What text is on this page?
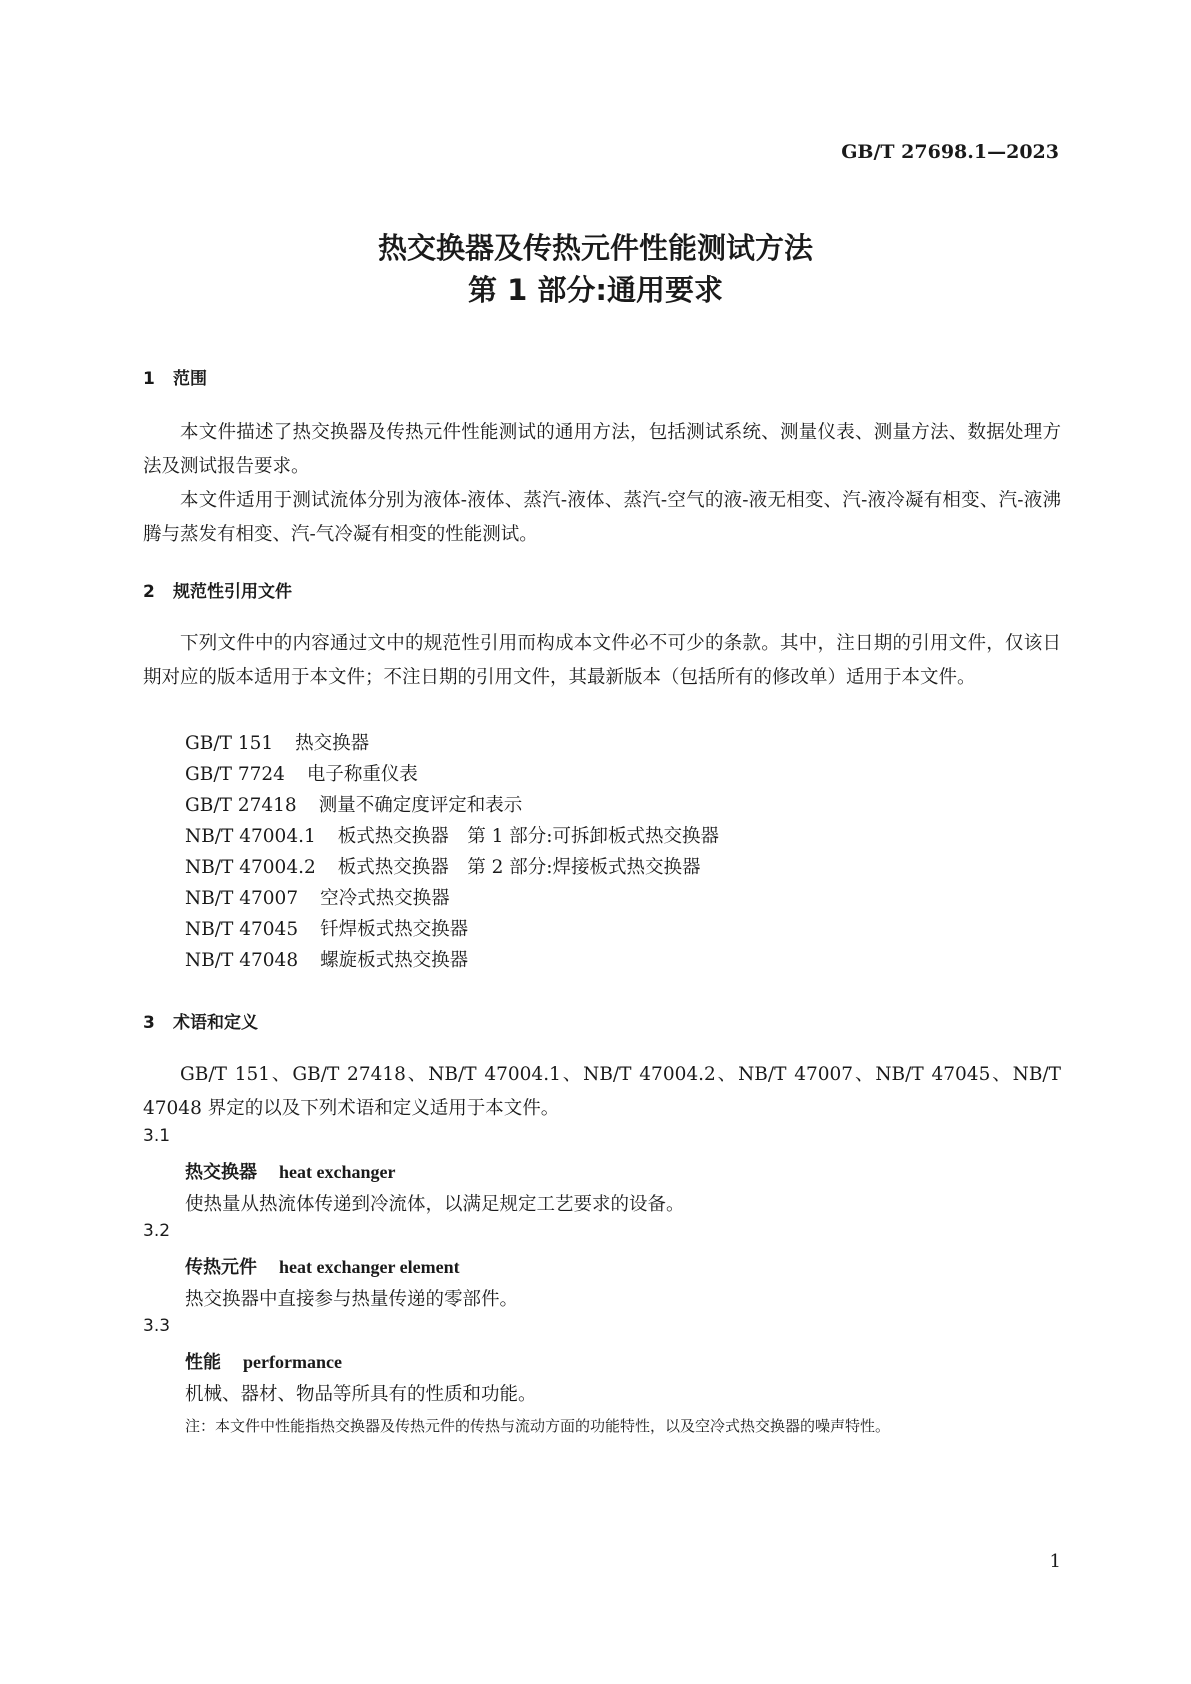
GB/T 27698.1—2023
热交换器及传热元件性能测试方法
第 1 部分:通用要求
1 范围

本文件描述了热交换器及传热元件性能测试的通用方法，包括测试系统、测量仪表、测量方法、数据处理方法及测试报告要求。

本文件适用于测试流体分别为液体-液体、蒸汽-液体、蒸汽-空气的液-液无相变、汽-液冷凝有相变、汽-液沸腾与蒸发有相变、汽-气冷凝有相变的性能测试。

2 规范性引用文件

下列文件中的内容通过文中的规范性引用而构成本文件必不可少的条款。其中，注日期的引用文件，仅该日期对应的版本适用于本文件；不注日期的引用文件，其最新版本（包括所有的修改单）适用于本文件。

GB/T 151 热交换器
GB/T 7724 电子称重仪表
GB/T 27418 测量不确定度评定和表示
NB/T 47004.1 板式热交换器　第 1 部分:可拆卸板式热交换器
NB/T 47004.2 板式热交换器　第 2 部分:焊接板式热交换器
NB/T 47007 空冷式热交换器
NB/T 47045 钎焊板式热交换器
NB/T 47048 螺旋板式热交换器
3 术语和定义

GB/T 151、GB/T 27418、NB/T 47004.1、NB/T 47004.2、NB/T 47007、NB/T 47045、NB/T 47048 界定的以及下列术语和定义适用于本文件。

3.1
热交换器 heat exchanger
使热量从热流体传递到冷流体，以满足规定工艺要求的设备。
3.2
传热元件 heat exchanger element
热交换器中直接参与热量传递的零部件。
3.3
性能 performance
机械、器材、物品等所具有的性质和功能。
注：本文件中性能指热交换器及传热元件的传热与流动方面的功能特性，以及空冷式热交换器的噪声特性。
1
